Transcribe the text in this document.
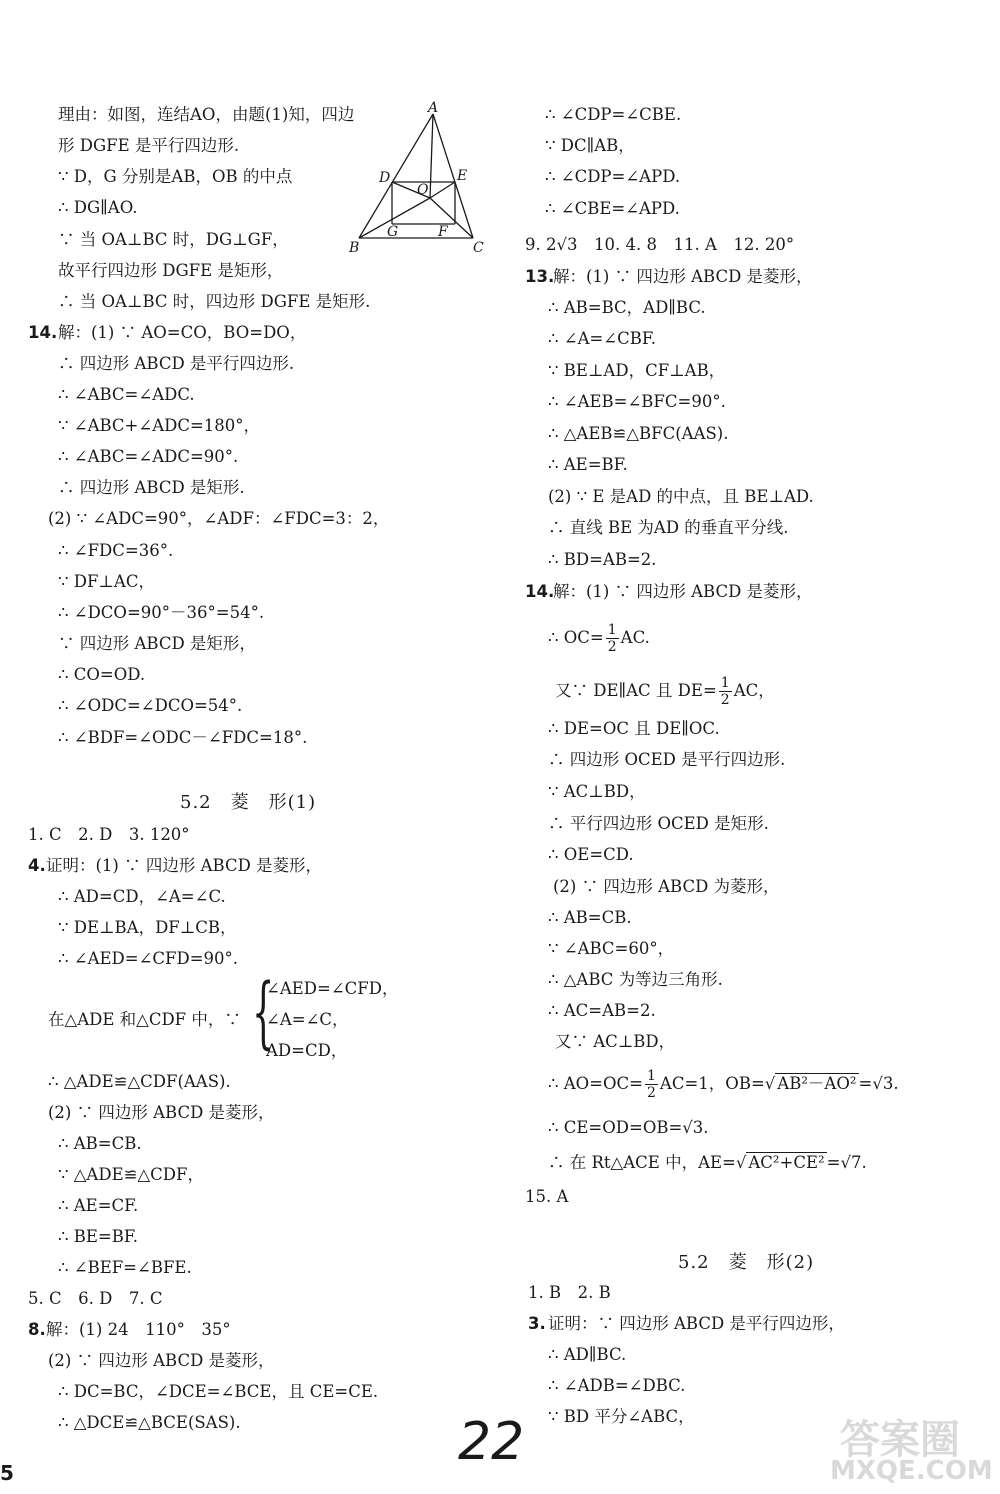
理由：如图，连结AO，由题(1)知，四边
形 DGFE 是平行四边形.
∵ D，G 分别是AB，OB 的中点
∴ DG∥AO.
∵ 当 OA⊥BC 时，DG⊥GF，
故平行四边形 DGFE 是矩形，
∴ 当 OA⊥BC 时，四边形 DGFE 是矩形.
14. 解：(1) ∵ AO=CO，BO=DO，
∴ 四边形 ABCD 是平行四边形.
∴ ∠ABC=∠ADC.
∵ ∠ABC+∠ADC=180°，
∴ ∠ABC=∠ADC=90°.
∴ 四边形 ABCD 是矩形.
(2) ∵ ∠ADC=90°，∠ADF：∠FDC=3：2，
∴ ∠FDC=36°.
∵ DF⊥AC，
∴ ∠DCO=90°－36°=54°.
∵ 四边形 ABCD 是矩形，
∴ CO=OD.
∴ ∠ODC=∠DCO=54°.
∴ ∠BDF=∠ODC－∠FDC=18°.
5.2　菱　形(1)
1. C　2. D　3. 120°
4. 证明：(1) ∵ 四边形 ABCD 是菱形，
∴ AD=CD，∠A=∠C.
∵ DE⊥BA，DF⊥CB，
∴ ∠AED=∠CFD=90°.
在△ADE 和△CDF 中，∵ {
∠AED=∠CFD，
∠A=∠C，
AD=CD，
∴ △ADE≌△CDF(AAS).
(2) ∵ 四边形 ABCD 是菱形，
∴ AB=CB.
∵ △ADE≌△CDF，
∴ AE=CF.
∴ BE=BF.
∴ ∠BEF=∠BFE.
5. C　6. D　7. C
8. 解：(1) 24　110°　35°
(2) ∵ 四边形 ABCD 是菱形，
∴ DC=BC，∠DCE=∠BCE，且 CE=CE.
∴ △DCE≌△BCE(SAS).
A
B	C
D	E
O
G	F
∴ ∠CDP=∠CBE.
∵ DC∥AB，
∴ ∠CDP=∠APD.
∴ ∠CBE=∠APD.
9. 2√3　10. 4. 8　11. A　12. 20°
13.
解：(1) ∵ 四边形 ABCD 是菱形，
∴ AB=BC，AD∥BC.
∴ ∠A=∠CBF.
∵ BE⊥AD，CF⊥AB，
∴ ∠AEB=∠BFC=90°.
∴ △AEB≌△BFC(AAS).
∴ AE=BF.
(2) ∵ E 是AD 的中点，且 BE⊥AD.
∴ 直线 BE 为AD 的垂直平分线.
∴ BD=AB=2.
14.
解：(1) ∵ 四边形 ABCD 是菱形，
∴ $OC= \frac{1}{2}$ AC.
又∵ DE∥AC 且 $DE= \frac{1}{2}$ AC，
∴ DE=OC 且 DE∥OC.
∴ 四边形 OCED 是平行四边形.
∵ AC⊥BD，
∴ 平行四边形 OCED 是矩形.
∴ OE=CD.
(2) ∵ 四边形 ABCD 为菱形，
∴ AB=CB.
∵ ∠ABC=60°，
∴ △ABC 为等边三角形.
∴ AC=AB=2.
又∵ AC⊥BD，
∴ $AO=OC= \frac{1}{2} AC=1$，OB=√ AB²－AO² =√3.
∴ CE=OD=OB=√3.
∴ 在 Rt△ACE 中，AE=√ AC²+CE² =√7.
15. A
5.2　菱　形(2)
1. B　2. B
3. 证明：∵ 四边形 ABCD 是平行四边形，
∴ AD∥BC.
∴ ∠ADB=∠DBC.
∵ BD 平分∠ABC，
22
5
答案圈
MXQE.COM
